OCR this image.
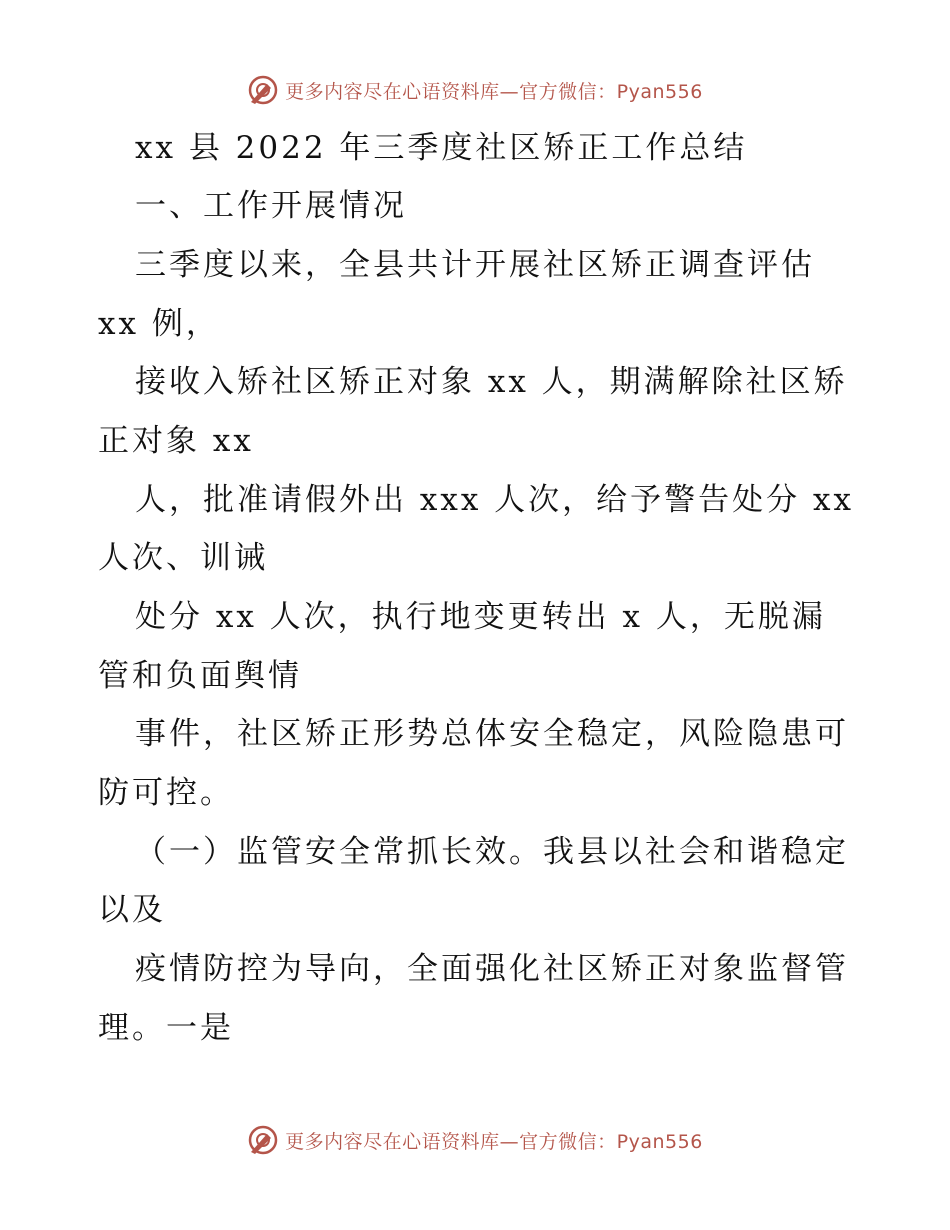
更多内容尽在心语资料库—官方微信：Pyan556
xx 县 2022 年三季度社区矫正工作总结
一、工作开展情况
三季度以来，全县共计开展社区矫正调查评估
xx 例，
接收入矫社区矫正对象 xx 人，期满解除社区矫
正对象 xx
人，批准请假外出 xxx 人次，给予警告处分 xx
人次、训诫
处分 xx 人次，执行地变更转出 x 人，无脱漏
管和负面舆情
事件，社区矫正形势总体安全稳定，风险隐患可
防可控。
（一）监管安全常抓长效。我县以社会和谐稳定
以及
疫情防控为导向，全面强化社区矫正对象监督管
理。一是
更多内容尽在心语资料库—官方微信：Pyan556
